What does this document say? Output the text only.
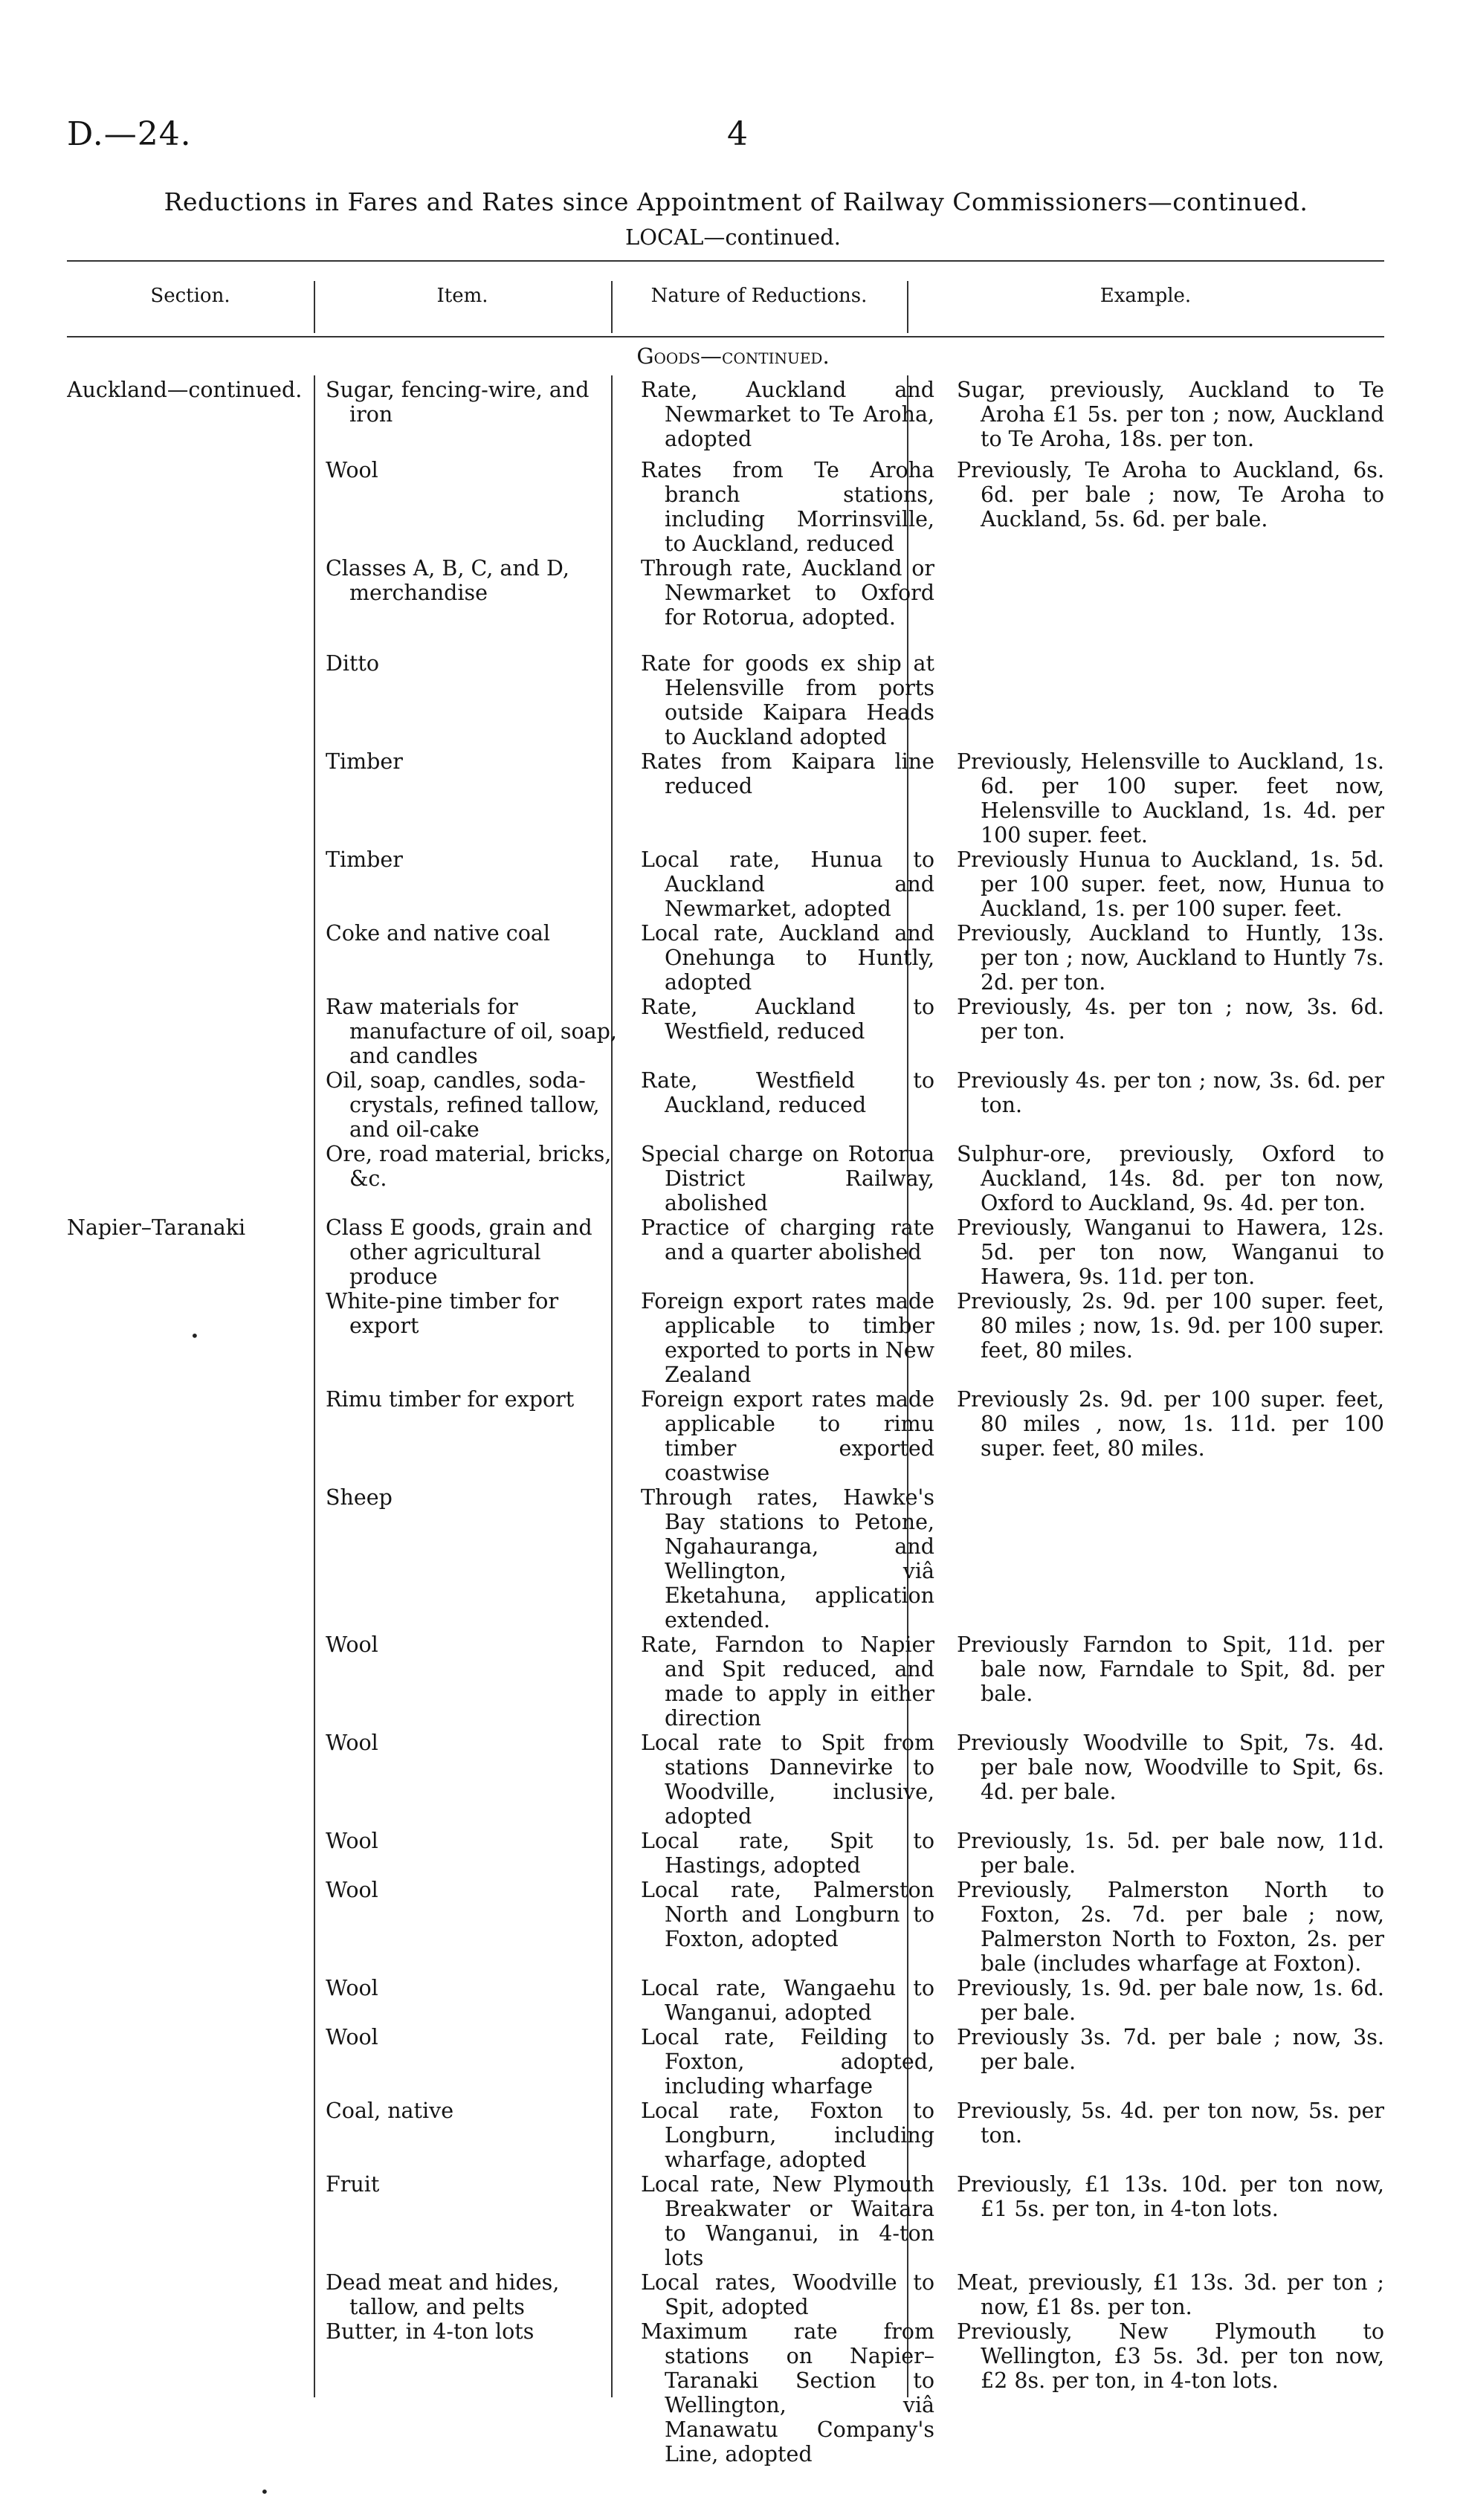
D.—24.	4
Reductions in Fares and Rates since Appointment of Railway Commissioners—continued.
LOCAL—continued.
Section.	Item.	Nature of Reductions.	Example.
Goods—continued.
Auckland—continued.	Sugar, fencing-wire, and iron	Rate, Auckland and Newmarket to Te Aroha, adopted	Sugar, previously, Auckland to Te Aroha £1 5s. per ton ; now, Auckland to Te Aroha, 18s. per ton.

	Wool	Rates from Te Aroha branch stations, including Morrinsville, to Auckland, reduced	Previously, Te Aroha to Auckland, 6s. 6d. per bale ; now, Te Aroha to Auckland, 5s. 6d. per bale.

	Classes A, B, C, and D, merchandise	Through rate, Auckland or Newmarket to Oxford for Rotorua, adopted.	

	Ditto	Rate for goods ex ship at Helensville from ports outside Kaipara Heads to Auckland adopted	

	Timber	Rates from Kaipara line reduced	Previously, Helensville to Auckland, 1s. 6d. per 100 super. feet now, Helensville to Auckland, 1s. 4d. per 100 super. feet.

	Timber	Local rate, Hunua to Auckland and Newmarket, adopted	Previously Hunua to Auckland, 1s. 5d. per 100 super. feet, now, Hunua to Auckland, 1s. per 100 super. feet.

	Coke and native coal	Local rate, Auckland and Onehunga to Huntly, adopted	Previously, Auckland to Huntly, 13s. per ton ; now, Auckland to Huntly 7s. 2d. per ton.

	Raw materials for manufacture of oil, soap, and candles	Rate, Auckland to Westfield, reduced	Previously, 4s. per ton ; now, 3s. 6d. per ton.

	Oil, soap, candles, soda-crystals, refined tallow, and oil-cake	Rate, Westfield to Auckland, reduced	Previously 4s. per ton ; now, 3s. 6d. per ton.

	Ore, road material, bricks, &c.	Special charge on Rotorua District Railway, abolished	Sulphur-ore, previously, Oxford to Auckland, 14s. 8d. per ton now, Oxford to Auckland, 9s. 4d. per ton.

Napier–Taranaki	Class E goods, grain and other agricultural produce	Practice of charging rate and a quarter abolished	Previously, Wanganui to Hawera, 12s. 5d. per ton now, Wanganui to Hawera, 9s. 11d. per ton.

	White-pine timber for export	Foreign export rates made applicable to timber exported to ports in New Zealand	Previously, 2s. 9d. per 100 super. feet, 80 miles ; now, 1s. 9d. per 100 super. feet, 80 miles.

	Rimu timber for export	Foreign export rates made applicable to rimu timber exported coastwise	Previously 2s. 9d. per 100 super. feet, 80 miles , now, 1s. 11d. per 100 super. feet, 80 miles.

	Sheep	Through rates, Hawke's Bay stations to Petone, Ngahauranga, and Wellington, viâ Eketahuna, application extended.	

	Wool	Rate, Farndon to Napier and Spit reduced, and made to apply in either direction	Previously Farndon to Spit, 11d. per bale now, Farndale to Spit, 8d. per bale.

	Wool	Local rate to Spit from stations Dannevirke to Woodville, inclusive, adopted	Previously Woodville to Spit, 7s. 4d. per bale now, Woodville to Spit, 6s. 4d. per bale.

	Wool	Local rate, Spit to Hastings, adopted	Previously, 1s. 5d. per bale now, 11d. per bale.

	Wool	Local rate, Palmerston North and Longburn to Foxton, adopted	Previously, Palmerston North to Foxton, 2s. 7d. per bale ; now, Palmerston North to Foxton, 2s. per bale (includes wharfage at Foxton).

	Wool	Local rate, Wangaehu to Wanganui, adopted	Previously, 1s. 9d. per bale now, 1s. 6d. per bale.

	Wool	Local rate, Feilding to Foxton, adopted, including wharfage	Previously 3s. 7d. per bale ; now, 3s. per bale.

	Coal, native	Local rate, Foxton to Longburn, including wharfage, adopted	Previously, 5s. 4d. per ton now, 5s. per ton.

	Fruit	Local rate, New Plymouth Breakwater or Waitara to Wanganui, in 4-ton lots	Previously, £1 13s. 10d. per ton now, £1 5s. per ton, in 4-ton lots.

	Dead meat and hides, tallow, and pelts	Local rates, Woodville to Spit, adopted	Meat, previously, £1 13s. 3d. per ton ; now, £1 8s. per ton.

	Butter, in 4-ton lots	Maximum rate from stations on Napier–Taranaki Section to Wellington, viâ Manawatu Company's Line, adopted	Previously, New Plymouth to Wellington, £3 5s. 3d. per ton now, £2 8s. per ton, in 4-ton lots.
•
•
